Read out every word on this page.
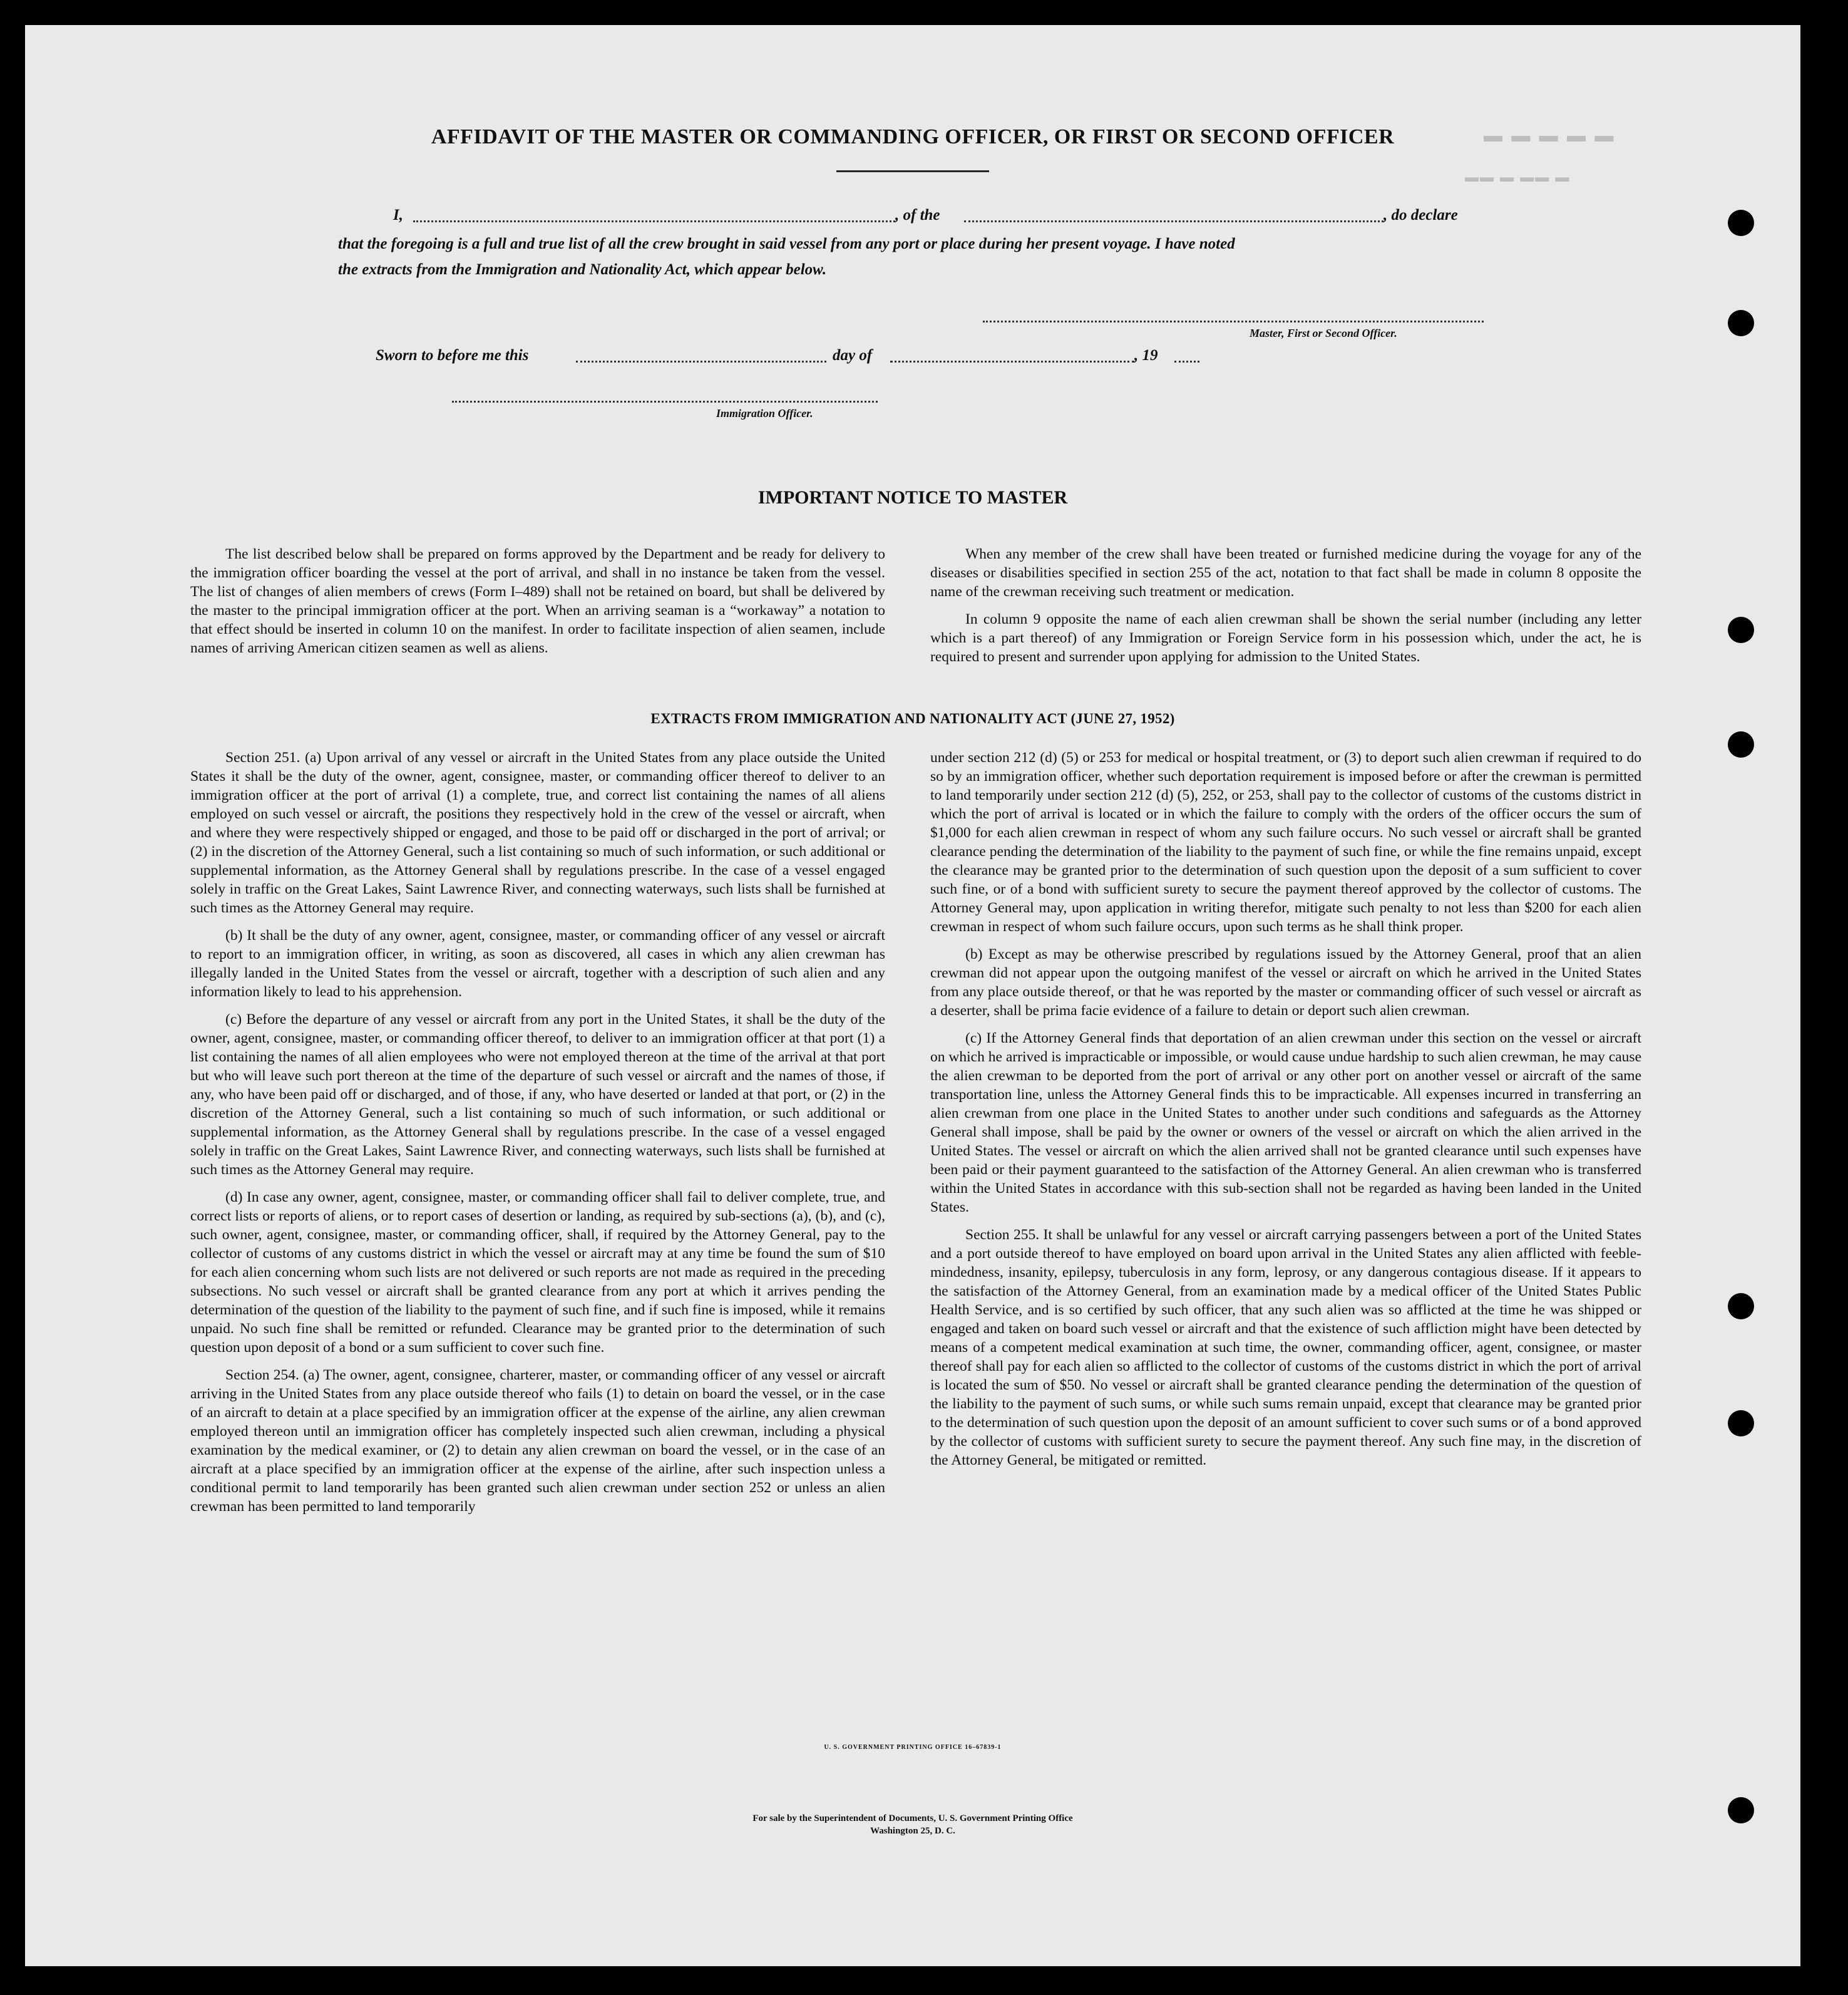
▬ ▬ ▬ ▬ ▬
▬▬ ▬ ▬▬ ▬
AFFIDAVIT OF THE MASTER OR COMMANDING OFFICER, OR FIRST OR SECOND OFFICER
I,	, of the	, do declare
that the foregoing is a full and true list of all the crew brought in said vessel from any port or place during her present voyage. I have noted
the extracts from the Immigration and Nationality Act, which appear below.
Master, First or Second Officer.
Sworn to before me this	day of	, 19
Immigration Officer.
IMPORTANT NOTICE TO MASTER

The list described below shall be prepared on forms approved by the Department and be ready for delivery to the immigration officer boarding the vessel at the port of arrival, and shall in no instance be taken from the vessel. The list of changes of alien members of crews (Form I–489) shall not be retained on board, but shall be delivered by the master to the principal immigration officer at the port. When an arriving seaman is a “workaway” a notation to that effect should be inserted in column 10 on the manifest. In order to facilitate inspection of alien seamen, include names of arriving American citizen seamen as well as aliens.

When any member of the crew shall have been treated or furnished medicine during the voyage for any of the diseases or disabilities specified in section 255 of the act, notation to that fact shall be made in column 8 opposite the name of the crewman receiving such treatment or medication.

In column 9 opposite the name of each alien crewman shall be shown the serial number (including any letter which is a part thereof) of any Immigration or Foreign Service form in his possession which, under the act, he is required to present and surrender upon applying for admission to the United States.

EXTRACTS FROM IMMIGRATION AND NATIONALITY ACT (JUNE 27, 1952)

Section 251. (a) Upon arrival of any vessel or aircraft in the United States from any place outside the United States it shall be the duty of the owner, agent, consignee, master, or commanding officer thereof to deliver to an immigration officer at the port of arrival (1) a complete, true, and correct list containing the names of all aliens employed on such vessel or aircraft, the positions they respectively hold in the crew of the vessel or aircraft, when and where they were respectively shipped or engaged, and those to be paid off or discharged in the port of arrival; or (2) in the discretion of the Attorney General, such a list containing so much of such information, or such additional or supplemental information, as the Attorney General shall by regulations prescribe. In the case of a vessel engaged solely in traffic on the Great Lakes, Saint Lawrence River, and connecting waterways, such lists shall be furnished at such times as the Attorney General may require.

(b) It shall be the duty of any owner, agent, consignee, master, or commanding officer of any vessel or aircraft to report to an immigration officer, in writing, as soon as discovered, all cases in which any alien crewman has illegally landed in the United States from the vessel or aircraft, together with a description of such alien and any information likely to lead to his apprehension.

(c) Before the departure of any vessel or aircraft from any port in the United States, it shall be the duty of the owner, agent, consignee, master, or commanding officer thereof, to deliver to an immigration officer at that port (1) a list containing the names of all alien employees who were not employed thereon at the time of the arrival at that port but who will leave such port thereon at the time of the departure of such vessel or aircraft and the names of those, if any, who have been paid off or discharged, and of those, if any, who have deserted or landed at that port, or (2) in the discretion of the Attorney General, such a list containing so much of such information, or such additional or supplemental information, as the Attorney General shall by regulations prescribe. In the case of a vessel engaged solely in traffic on the Great Lakes, Saint Lawrence River, and connecting waterways, such lists shall be furnished at such times as the Attorney General may require.

(d) In case any owner, agent, consignee, master, or commanding officer shall fail to deliver complete, true, and correct lists or reports of aliens, or to report cases of desertion or landing, as required by sub-sections (a), (b), and (c), such owner, agent, consignee, master, or commanding officer, shall, if required by the Attorney General, pay to the collector of customs of any customs district in which the vessel or aircraft may at any time be found the sum of $10 for each alien concerning whom such lists are not delivered or such reports are not made as required in the preceding subsections. No such vessel or aircraft shall be granted clearance from any port at which it arrives pending the determination of the question of the liability to the payment of such fine, and if such fine is imposed, while it remains unpaid. No such fine shall be remitted or refunded. Clearance may be granted prior to the determination of such question upon deposit of a bond or a sum sufficient to cover such fine.

Section 254. (a) The owner, agent, consignee, charterer, master, or commanding officer of any vessel or aircraft arriving in the United States from any place outside thereof who fails (1) to detain on board the vessel, or in the case of an aircraft to detain at a place specified by an immigration officer at the expense of the airline, any alien crewman employed thereon until an immigration officer has completely inspected such alien crewman, including a physical examination by the medical examiner, or (2) to detain any alien crewman on board the vessel, or in the case of an aircraft at a place specified by an immigration officer at the expense of the airline, after such inspection unless a conditional permit to land temporarily has been granted such alien crewman under section 252 or unless an alien crewman has been permitted to land temporarily

under section 212 (d) (5) or 253 for medical or hospital treatment, or (3) to deport such alien crewman if required to do so by an immigration officer, whether such deportation requirement is imposed before or after the crewman is permitted to land temporarily under section 212 (d) (5), 252, or 253, shall pay to the collector of customs of the customs district in which the port of arrival is located or in which the failure to comply with the orders of the officer occurs the sum of $1,000 for each alien crewman in respect of whom any such failure occurs. No such vessel or aircraft shall be granted clearance pending the determination of the liability to the payment of such fine, or while the fine remains unpaid, except the clearance may be granted prior to the determination of such question upon the deposit of a sum sufficient to cover such fine, or of a bond with sufficient surety to secure the payment thereof approved by the collector of customs. The Attorney General may, upon application in writing therefor, mitigate such penalty to not less than $200 for each alien crewman in respect of whom such failure occurs, upon such terms as he shall think proper.

(b) Except as may be otherwise prescribed by regulations issued by the Attorney General, proof that an alien crewman did not appear upon the outgoing manifest of the vessel or aircraft on which he arrived in the United States from any place outside thereof, or that he was reported by the master or commanding officer of such vessel or aircraft as a deserter, shall be prima facie evidence of a failure to detain or deport such alien crewman.

(c) If the Attorney General finds that deportation of an alien crewman under this section on the vessel or aircraft on which he arrived is impracticable or impossible, or would cause undue hardship to such alien crewman, he may cause the alien crewman to be deported from the port of arrival or any other port on another vessel or aircraft of the same transportation line, unless the Attorney General finds this to be impracticable. All expenses incurred in transferring an alien crewman from one place in the United States to another under such conditions and safeguards as the Attorney General shall impose, shall be paid by the owner or owners of the vessel or aircraft on which the alien arrived in the United States. The vessel or aircraft on which the alien arrived shall not be granted clearance until such expenses have been paid or their payment guaranteed to the satisfaction of the Attorney General. An alien crewman who is transferred within the United States in accordance with this sub-section shall not be regarded as having been landed in the United States.

Section 255. It shall be unlawful for any vessel or aircraft carrying passengers between a port of the United States and a port outside thereof to have employed on board upon arrival in the United States any alien afflicted with feeble-mindedness, insanity, epilepsy, tuberculosis in any form, leprosy, or any dangerous contagious disease. If it appears to the satisfaction of the Attorney General, from an examination made by a medical officer of the United States Public Health Service, and is so certified by such officer, that any such alien was so afflicted at the time he was shipped or engaged and taken on board such vessel or aircraft and that the existence of such affliction might have been detected by means of a competent medical examination at such time, the owner, commanding officer, agent, consignee, or master thereof shall pay for each alien so afflicted to the collector of customs of the customs district in which the port of arrival is located the sum of $50. No vessel or aircraft shall be granted clearance pending the determination of the question of the liability to the payment of such sums, or while such sums remain unpaid, except that clearance may be granted prior to the determination of such question upon the deposit of an amount sufficient to cover such sums or of a bond approved by the collector of customs with sufficient surety to secure the payment thereof. Any such fine may, in the discretion of the Attorney General, be mitigated or remitted.

U. S. GOVERNMENT PRINTING OFFICE 16–67839-1
For sale by the Superintendent of Documents, U. S. Government Printing Office
Washington 25, D. C.
